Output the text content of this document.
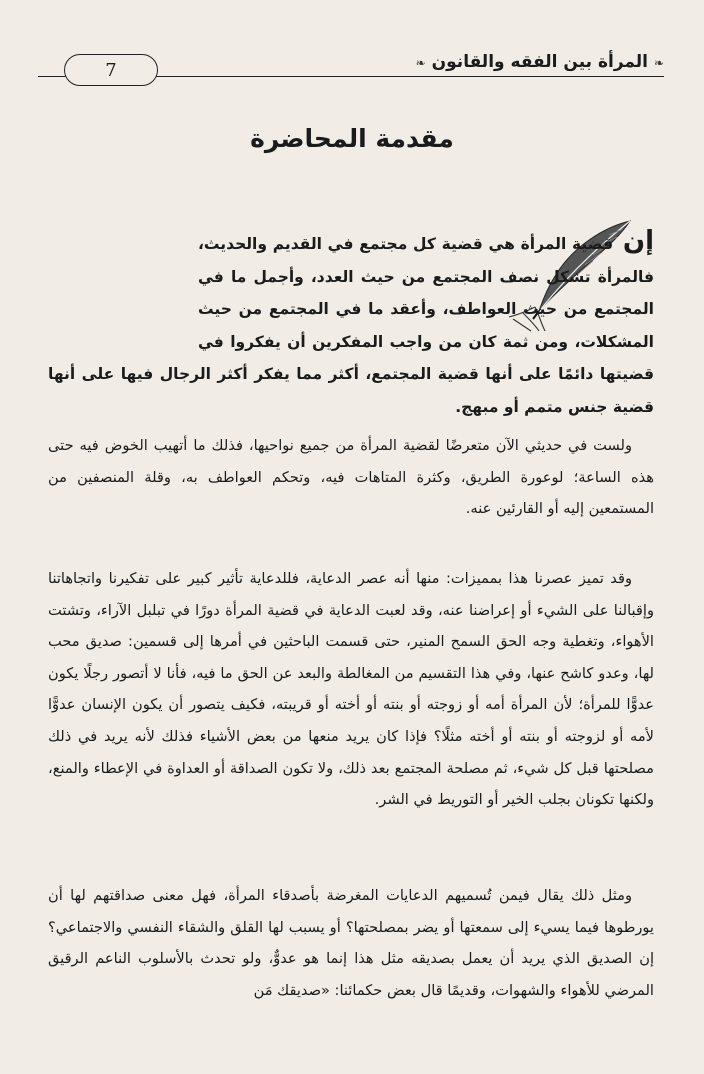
❧ المرأة بين الفقه والقانون ❧
7
مقدمة المحاضرة
إن قضية المرأة هي قضية كل مجتمع في القديم والحديث، فالمرأة تشكل نصف المجتمع من حيث العدد، وأجمل ما في المجتمع من حيث العواطف، وأعقد ما في المجتمع من حيث المشكلات، ومن ثمة كان من واجب المفكرين أن يفكروا في قضيتها دائمًا على أنها قضية المجتمع، أكثر مما يفكر أكثر الرجال فيها على أنها قضية جنس متمم أو مبهج.

ولست في حديثي الآن متعرضًا لقضية المرأة من جميع نواحيها، فذلك ما أتهيب الخوض فيه حتى هذه الساعة؛ لوعورة الطريق، وكثرة المتاهات فيه، وتحكم العواطف به، وقلة المنصفين من المستمعين إليه أو القارئين عنه.

وقد تميز عصرنا هذا بمميزات: منها أنه عصر الدعاية، فللدعاية تأثير كبير على تفكيرنا واتجاهاتنا وإقبالنا على الشيء أو إعراضنا عنه، وقد لعبت الدعاية في قضية المرأة دورًا في تبلبل الآراء، وتشتت الأهواء، وتغطية وجه الحق السمح المنير، حتى قسمت الباحثين في أمرها إلى قسمين: صديق محب لها، وعدو كاشح عنها، وفي هذا التقسيم من المغالطة والبعد عن الحق ما فيه، فأنا لا أتصور رجلًا يكون عدوًّا للمرأة؛ لأن المرأة أمه أو زوجته أو بنته أو أخته أو قريبته، فكيف يتصور أن يكون الإنسان عدوًّا لأمه أو لزوجته أو بنته أو أخته مثلًا؟ فإذا كان يريد منعها من بعض الأشياء فذلك لأنه يريد في ذلك مصلحتها قبل كل شيء، ثم مصلحة المجتمع بعد ذلك، ولا تكون الصداقة أو العداوة في الإعطاء والمنع، ولكنها تكونان بجلب الخير أو التوريط في الشر.

ومثل ذلك يقال فيمن تُسميهم الدعايات المغرضة بأصدقاء المرأة، فهل معنى صداقتهم لها أن يورطوها فيما يسيء إلى سمعتها أو يضر بمصلحتها؟ أو يسبب لها القلق والشقاء النفسي والاجتماعي؟ إن الصديق الذي يريد أن يعمل بصديقه مثل هذا إنما هو عدوٌّ، ولو تحدث بالأسلوب الناعم الرقيق المرضي للأهواء والشهوات، وقديمًا قال بعض حكمائنا: «صديقك مَن
